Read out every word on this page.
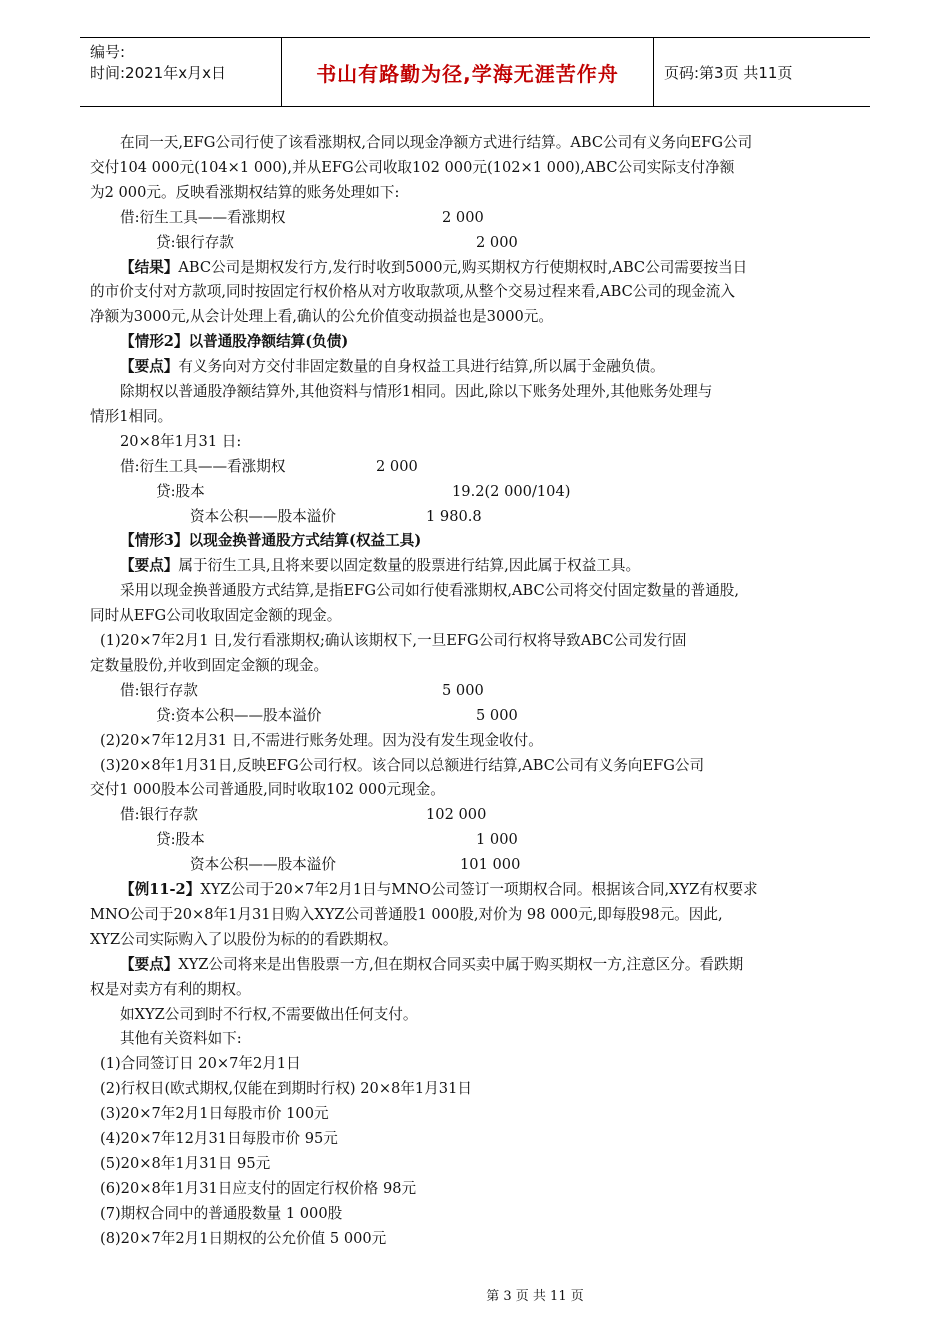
编号:
时间:2021年x月x日	书山有路勤为径,学海无涯苦作舟	页码:第3页 共11页
在同一天,EFG公司行使了该看涨期权,合同以现金净额方式进行结算。ABC公司有义务向EFG公司
交付104 000元(104×1 000),并从EFG公司收取102 000元(102×1 000),ABC公司实际支付净额
为2 000元。反映看涨期权结算的账务处理如下:
借:衍生工具——看涨期权	2 000
贷:银行存款	2 000
【结果】ABC公司是期权发行方,发行时收到5000元,购买期权方行使期权时,ABC公司需要按当日
的市价支付对方款项,同时按固定行权价格从对方收取款项,从整个交易过程来看,ABC公司的现金流入
净额为3000元,从会计处理上看,确认的公允价值变动损益也是3000元。
【情形2】以普通股净额结算(负债)
【要点】有义务向对方交付非固定数量的自身权益工具进行结算,所以属于金融负债。
除期权以普通股净额结算外,其他资料与情形1相同。因此,除以下账务处理外,其他账务处理与
情形1相同。
20×8年1月31 日:
借:衍生工具——看涨期权	2 000
贷:股本	19.2(2 000/104)
资本公积——股本溢价	1 980.8
【情形3】以现金换普通股方式结算(权益工具)
【要点】属于衍生工具,且将来要以固定数量的股票进行结算,因此属于权益工具。
采用以现金换普通股方式结算,是指EFG公司如行使看涨期权,ABC公司将交付固定数量的普通股,
同时从EFG公司收取固定金额的现金。
(1)20×7年2月1 日,发行看涨期权;确认该期权下,一旦EFG公司行权将导致ABC公司发行固
定数量股份,并收到固定金额的现金。
借:银行存款	5 000
贷:资本公积——股本溢价	5 000
(2)20×7年12月31 日,不需进行账务处理。因为没有发生现金收付。
(3)20×8年1月31日,反映EFG公司行权。该合同以总额进行结算,ABC公司有义务向EFG公司
交付1 000股本公司普通股,同时收取102 000元现金。
借:银行存款	102 000
贷:股本	1 000
资本公积——股本溢价	101 000
【例11-2】XYZ公司于20×7年2月1日与MNO公司签订一项期权合同。根据该合同,XYZ有权要求
MNO公司于20×8年1月31日购入XYZ公司普通股1 000股,对价为 98 000元,即每股98元。因此,
XYZ公司实际购入了以股份为标的的看跌期权。
【要点】XYZ公司将来是出售股票一方,但在期权合同买卖中属于购买期权一方,注意区分。看跌期
权是对卖方有利的期权。
如XYZ公司到时不行权,不需要做出任何支付。
其他有关资料如下:
(1)合同签订日 20×7年2月1日
(2)行权日(欧式期权,仅能在到期时行权) 20×8年1月31日
(3)20×7年2月1日每股市价 100元
(4)20×7年12月31日每股市价 95元
(5)20×8年1月31日 95元
(6)20×8年1月31日应支付的固定行权价格 98元
(7)期权合同中的普通股数量 1 000股
(8)20×7年2月1日期权的公允价值 5 000元
第 3 页 共 11 页
